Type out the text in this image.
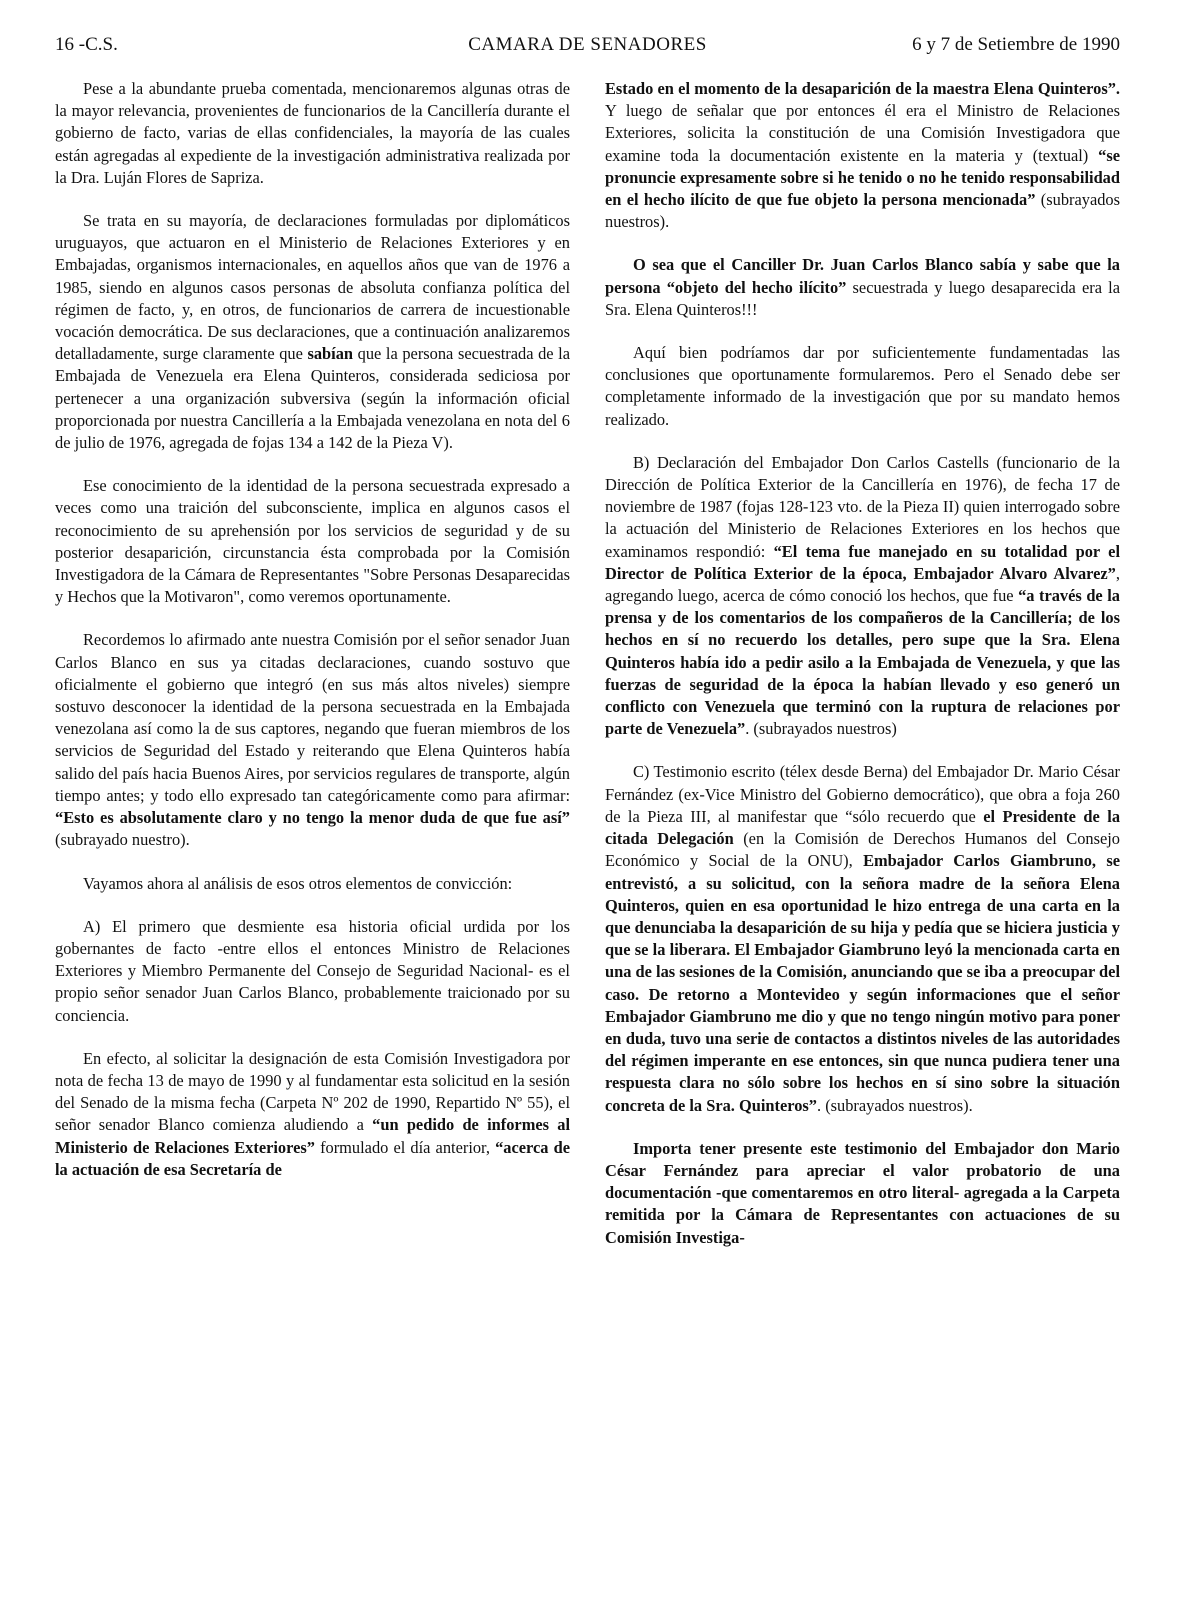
16 -C.S.	CAMARA DE SENADORES	6 y 7 de Setiembre de 1990

Pese a la abundante prueba comentada, mencionaremos algunas otras de la mayor relevancia, provenientes de funcionarios de la Cancillería durante el gobierno de facto, varias de ellas confidenciales, la mayoría de las cuales están agregadas al expediente de la investigación administrativa realizada por la Dra. Luján Flores de Sapriza.

Se trata en su mayoría, de declaraciones formuladas por diplomáticos uruguayos, que actuaron en el Ministerio de Relaciones Exteriores y en Embajadas, organismos internacionales, en aquellos años que van de 1976 a 1985, siendo en algunos casos personas de absoluta confianza política del régimen de facto, y, en otros, de funcionarios de carrera de incuestionable vocación democrática. De sus declaraciones, que a continuación analizaremos detalladamente, surge claramente que sabían que la persona secuestrada de la Embajada de Venezuela era Elena Quinteros, considerada sediciosa por pertenecer a una organización subversiva (según la información oficial proporcionada por nuestra Cancillería a la Embajada venezolana en nota del 6 de julio de 1976, agregada de fojas 134 a 142 de la Pieza V).

Ese conocimiento de la identidad de la persona secuestrada expresado a veces como una traición del subconsciente, implica en algunos casos el reconocimiento de su aprehensión por los servicios de seguridad y de su posterior desaparición, circunstancia ésta comprobada por la Comisión Investigadora de la Cámara de Representantes "Sobre Personas Desaparecidas y Hechos que la Motivaron", como veremos oportunamente.

Recordemos lo afirmado ante nuestra Comisión por el señor senador Juan Carlos Blanco en sus ya citadas declaraciones, cuando sostuvo que oficialmente el gobierno que integró (en sus más altos niveles) siempre sostuvo desconocer la identidad de la persona secuestrada en la Embajada venezolana así como la de sus captores, negando que fueran miembros de los servicios de Seguridad del Estado y reiterando que Elena Quinteros había salido del país hacia Buenos Aires, por servicios regulares de transporte, algún tiempo antes; y todo ello expresado tan categóricamente como para afirmar: “Esto es absolutamente claro y no tengo la menor duda de que fue así” (subrayado nuestro).

Vayamos ahora al análisis de esos otros elementos de convicción:

A) El primero que desmiente esa historia oficial urdida por los gobernantes de facto -entre ellos el entonces Ministro de Relaciones Exteriores y Miembro Permanente del Consejo de Seguridad Nacional- es el propio señor senador Juan Carlos Blanco, probablemente traicionado por su conciencia.

En efecto, al solicitar la designación de esta Comisión Investigadora por nota de fecha 13 de mayo de 1990 y al fundamentar esta solicitud en la sesión del Senado de la misma fecha (Carpeta Nº 202 de 1990, Repartido Nº 55), el señor senador Blanco comienza aludiendo a “un pedido de informes al Ministerio de Relaciones Exteriores” formulado el día anterior, “acerca de la actuación de esa Secretaría de

Estado en el momento de la desaparición de la maestra Elena Quinteros”. Y luego de señalar que por entonces él era el Ministro de Relaciones Exteriores, solicita la constitución de una Comisión Investigadora que examine toda la documentación existente en la materia y (textual) “se pronuncie expresamente sobre si he tenido o no he tenido responsabilidad en el hecho ilícito de que fue objeto la persona mencionada” (subrayados nuestros).

O sea que el Canciller Dr. Juan Carlos Blanco sabía y sabe que la persona “objeto del hecho ilícito” secuestrada y luego desaparecida era la Sra. Elena Quinteros!!!

Aquí bien podríamos dar por suficientemente fundamentadas las conclusiones que oportunamente formularemos. Pero el Senado debe ser completamente informado de la investigación que por su mandato hemos realizado.

B) Declaración del Embajador Don Carlos Castells (funcionario de la Dirección de Política Exterior de la Cancillería en 1976), de fecha 17 de noviembre de 1987 (fojas 128-123 vto. de la Pieza II) quien interrogado sobre la actuación del Ministerio de Relaciones Exteriores en los hechos que examinamos respondió: “El tema fue manejado en su totalidad por el Director de Política Exterior de la época, Embajador Alvaro Alvarez”, agregando luego, acerca de cómo conoció los hechos, que fue “a través de la prensa y de los comentarios de los compañeros de la Cancillería; de los hechos en sí no recuerdo los detalles, pero supe que la Sra. Elena Quinteros había ido a pedir asilo a la Embajada de Venezuela, y que las fuerzas de seguridad de la época la habían llevado y eso generó un conflicto con Venezuela que terminó con la ruptura de relaciones por parte de Venezuela”. (subrayados nuestros)

C) Testimonio escrito (télex desde Berna) del Embajador Dr. Mario César Fernández (ex-Vice Ministro del Gobierno democrático), que obra a foja 260 de la Pieza III, al manifestar que “sólo recuerdo que el Presidente de la citada Delegación (en la Comisión de Derechos Humanos del Consejo Económico y Social de la ONU), Embajador Carlos Giambruno, se entrevistó, a su solicitud, con la señora madre de la señora Elena Quinteros, quien en esa oportunidad le hizo entrega de una carta en la que denunciaba la desaparición de su hija y pedía que se hiciera justicia y que se la liberara. El Embajador Giambruno leyó la mencionada carta en una de las sesiones de la Comisión, anunciando que se iba a preocupar del caso. De retorno a Montevideo y según informaciones que el señor Embajador Giambruno me dio y que no tengo ningún motivo para poner en duda, tuvo una serie de contactos a distintos niveles de las autoridades del régimen imperante en ese entonces, sin que nunca pudiera tener una respuesta clara no sólo sobre los hechos en sí sino sobre la situación concreta de la Sra. Quinteros”. (subrayados nuestros).

Importa tener presente este testimonio del Embajador don Mario César Fernández para apreciar el valor probatorio de una documentación -que comentaremos en otro literal- agregada a la Carpeta remitida por la Cámara de Representantes con actuaciones de su Comisión Investiga-
